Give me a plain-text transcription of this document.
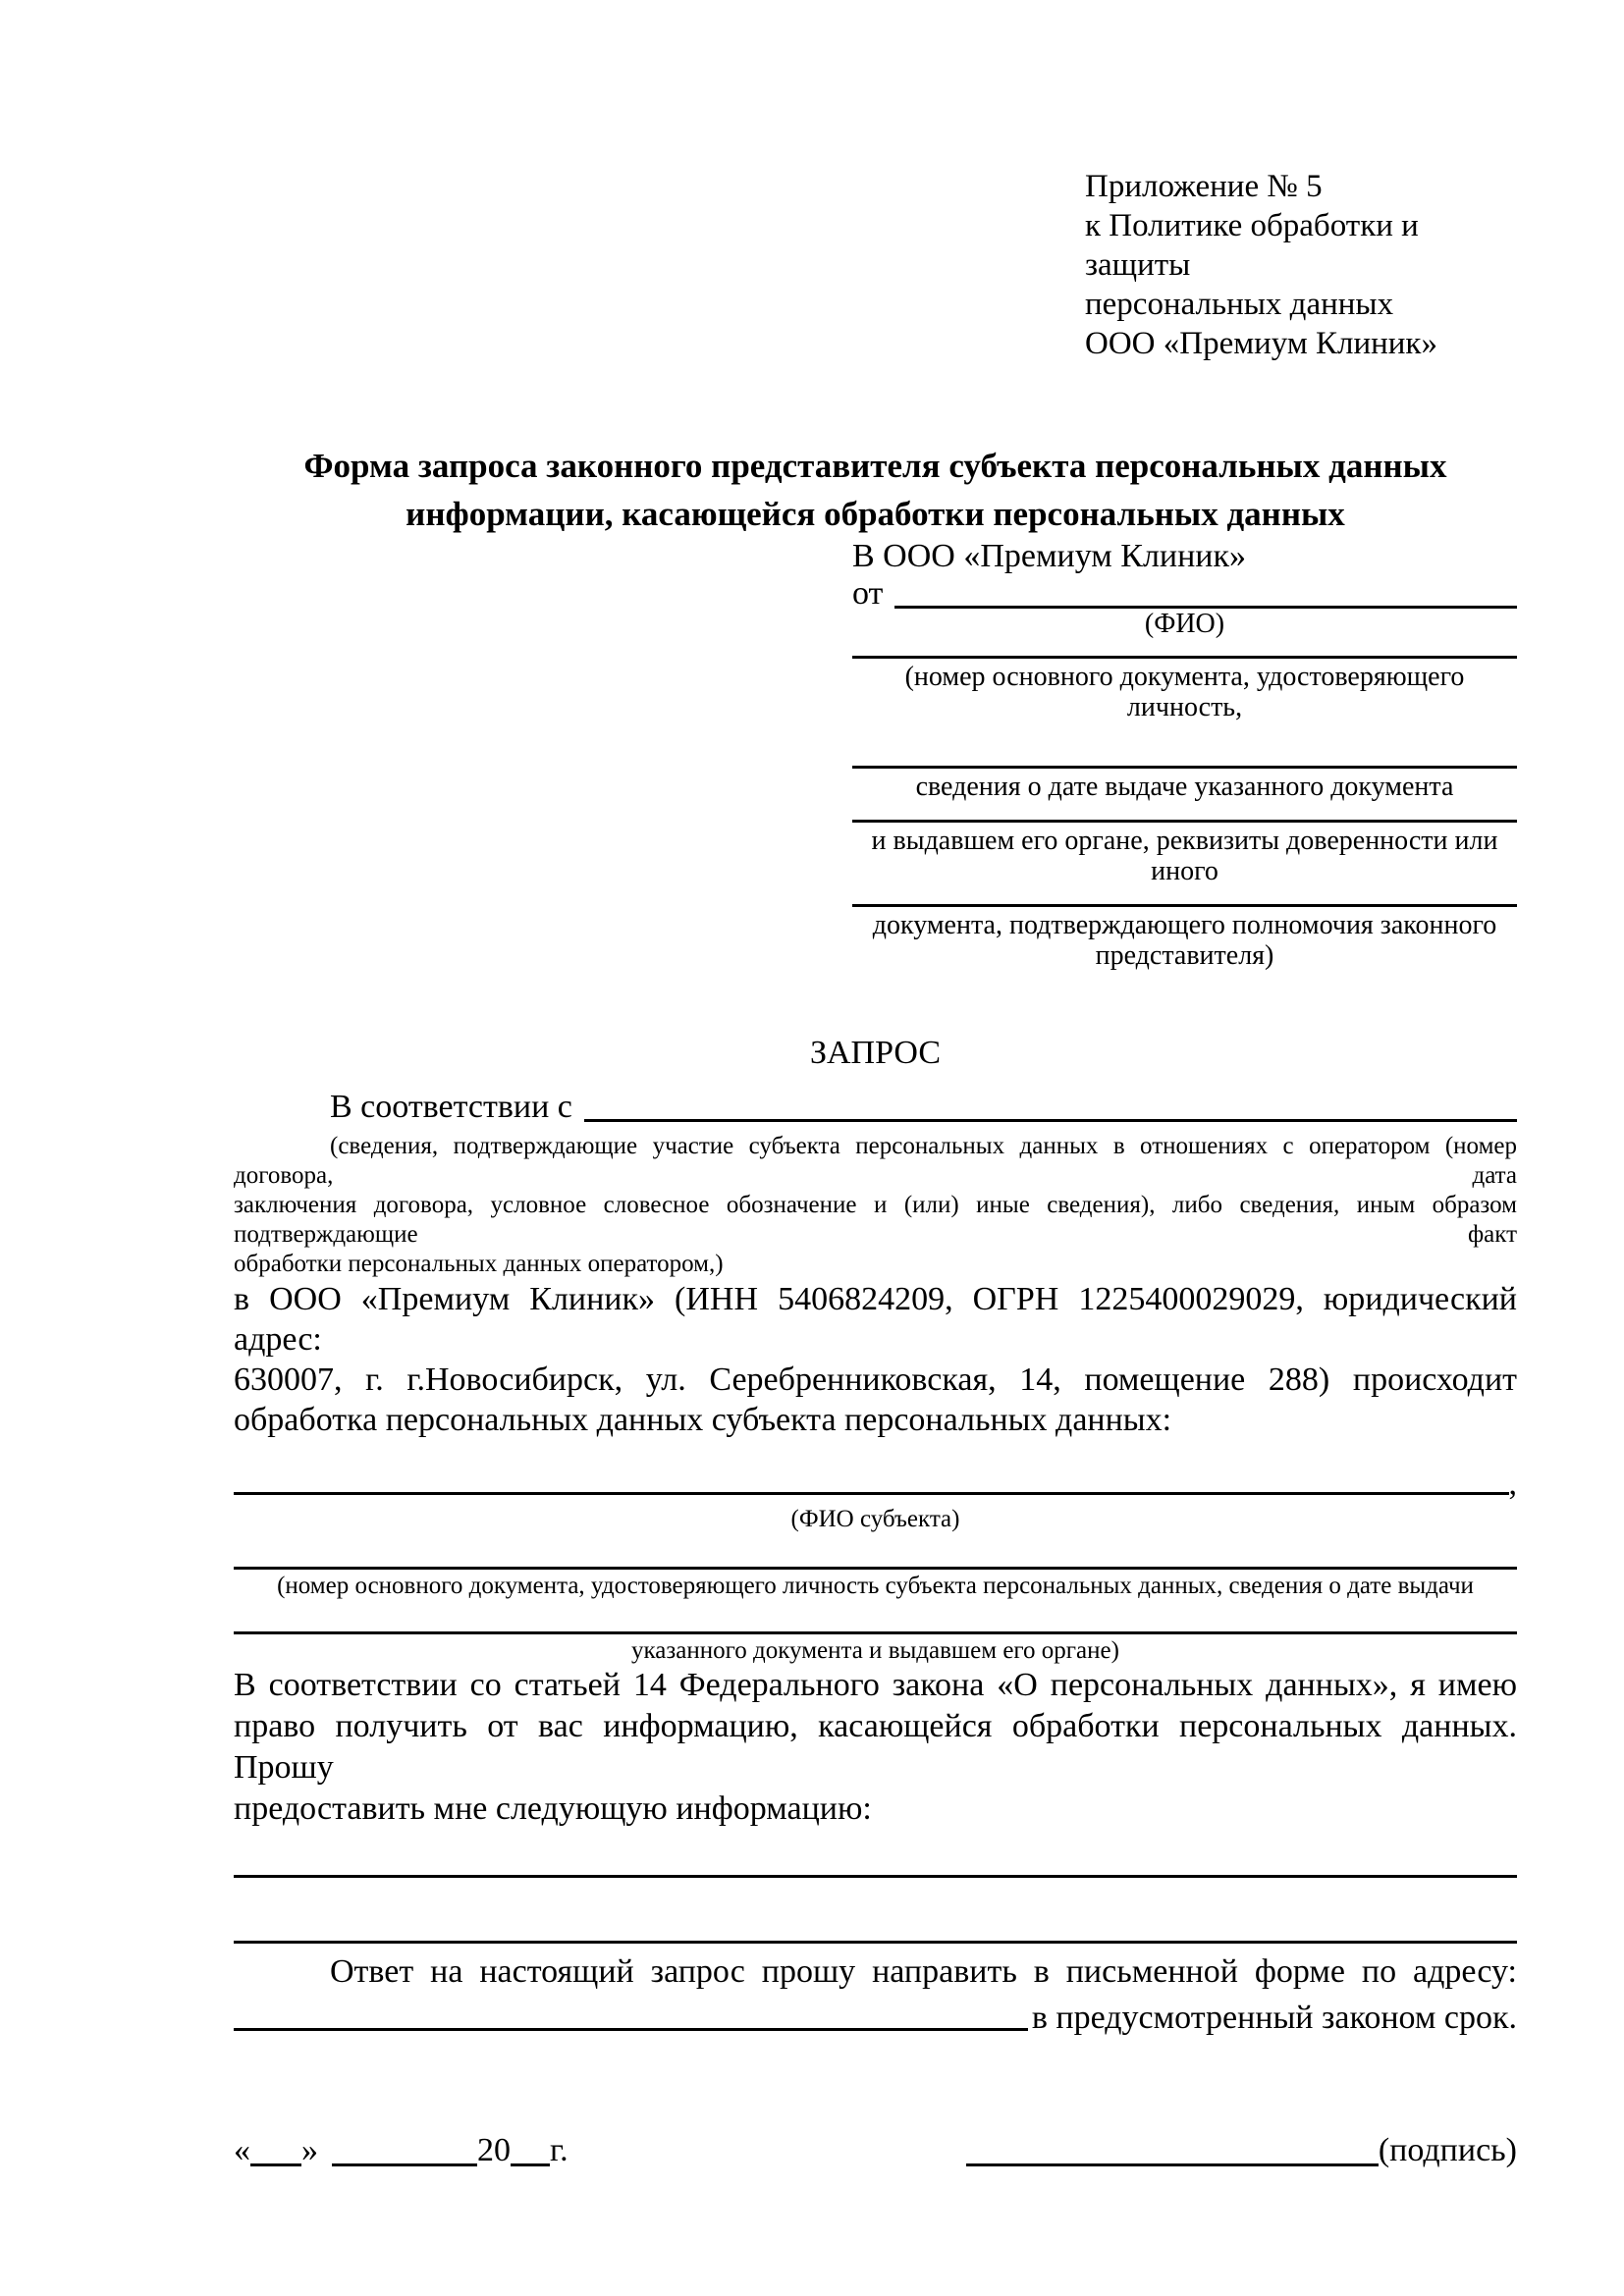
Приложение № 5
к Политике обработки и защиты
персональных данных
ООО «Премиум Клиник»
Форма запроса законного представителя субъекта персональных данных
информации, касающейся обработки персональных данных
В ООО «Премиум Клиник»
от
(ФИО)
(номер основного документа, удостоверяющего личность,
сведения о дате выдаче указанного документа
и выдавшем его органе, реквизиты доверенности или иного
документа, подтверждающего полномочия законного представителя)
ЗАПРОС
В соответствии с
(сведения, подтверждающие участие субъекта персональных данных в отношениях с оператором (номер договора, дата
заключения договора, условное словесное обозначение и (или) иные сведения), либо сведения, иным образом подтверждающие факт
обработки персональных данных оператором,)
в ООО «Премиум Клиник» (ИНН 5406824209, ОГРН 1225400029029, юридический адрес:
630007, г. г.Новосибирск, ул. Серебренниковская, 14, помещение 288) происходит
обработка персональных данных субъекта персональных данных:
,
(ФИО субъекта)
(номер основного документа, удостоверяющего личность субъекта персональных данных, сведения о дате выдачи
указанного документа и выдавшем его органе)
В соответствии со статьей 14 Федерального закона «О персональных данных», я имею
право получить от вас информацию, касающейся обработки персональных данных. Прошу
предоставить мне следующую информацию:
Ответ на настоящий запрос прошу направить в письменной форме по адресу:
в предусмотренный законом срок.
« »	20 г.	(подпись)
